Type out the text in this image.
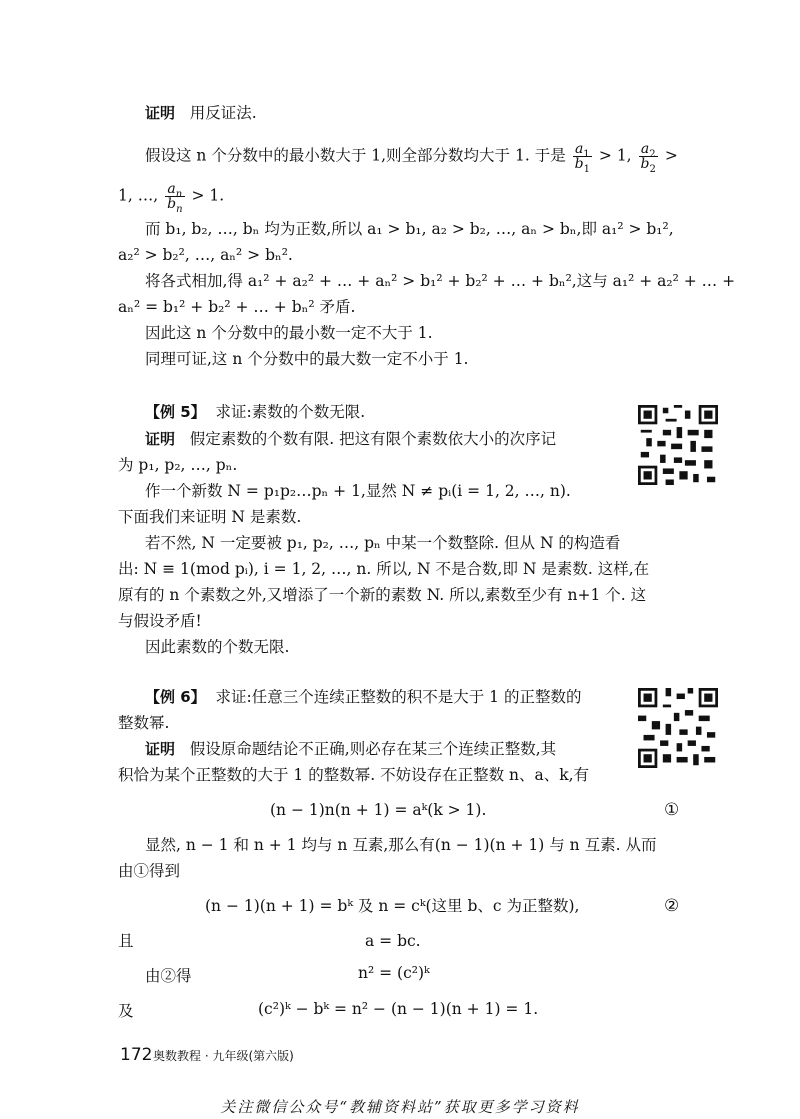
证明 用反证法.
假设这 n 个分数中的最小数大于 1,则全部分数均大于 1. 于是 $\frac{a_1}{b_1} > 1$, $\frac{a_2}{b_2}$ >
1, …, $\frac{a_n}{b_n} > 1$.
而 b₁, b₂, …, bₙ 均为正数,所以 a₁ > b₁, a₂ > b₂, …, aₙ > bₙ,即 a₁² > b₁²,
a₂² > b₂², …, aₙ² > bₙ².
将各式相加,得 a₁² + a₂² + … + aₙ² > b₁² + b₂² + … + bₙ²,这与 a₁² + a₂² + … +
aₙ² = b₁² + b₂² + … + bₙ² 矛盾.
因此这 n 个分数中的最小数一定不大于 1.
同理可证,这 n 个分数中的最大数一定不小于 1.
【例 5】 求证:素数的个数无限.
证明 假定素数的个数有限. 把这有限个素数依大小的次序记
为 p₁, p₂, …, pₙ.
作一个新数 N = p₁p₂…pₙ + 1,显然 N ≠ pᵢ(i = 1, 2, …, n).
下面我们来证明 N 是素数.
若不然, N 一定要被 p₁, p₂, …, pₙ 中某一个数整除. 但从 N 的构造看
出: N ≡ 1(mod pᵢ), i = 1, 2, …, n. 所以, N 不是合数,即 N 是素数. 这样,在
原有的 n 个素数之外,又增添了一个新的素数 N. 所以,素数至少有 n+1 个. 这
与假设矛盾!
因此素数的个数无限.
【例 6】 求证:任意三个连续正整数的积不是大于 1 的正整数的
整数幂.
证明 假设原命题结论不正确,则必存在某三个连续正整数,其
积恰为某个正整数的大于 1 的整数幂. 不妨设存在正整数 n、a、k,有
(n − 1)n(n + 1) = aᵏ(k > 1).	①
显然, n − 1 和 n + 1 均与 n 互素,那么有(n − 1)(n + 1) 与 n 互素. 从而
由①得到
(n − 1)(n + 1) = bᵏ 及 n = cᵏ(这里 b、c 为正整数),	②
且	a = bc.
由②得	n² = (c²)ᵏ
及	(c²)ᵏ − bᵏ = n² − (n − 1)(n + 1) = 1.
172 奥数教程 · 九年级(第六版)
关注微信公众号“教辅资料站”获取更多学习资料
